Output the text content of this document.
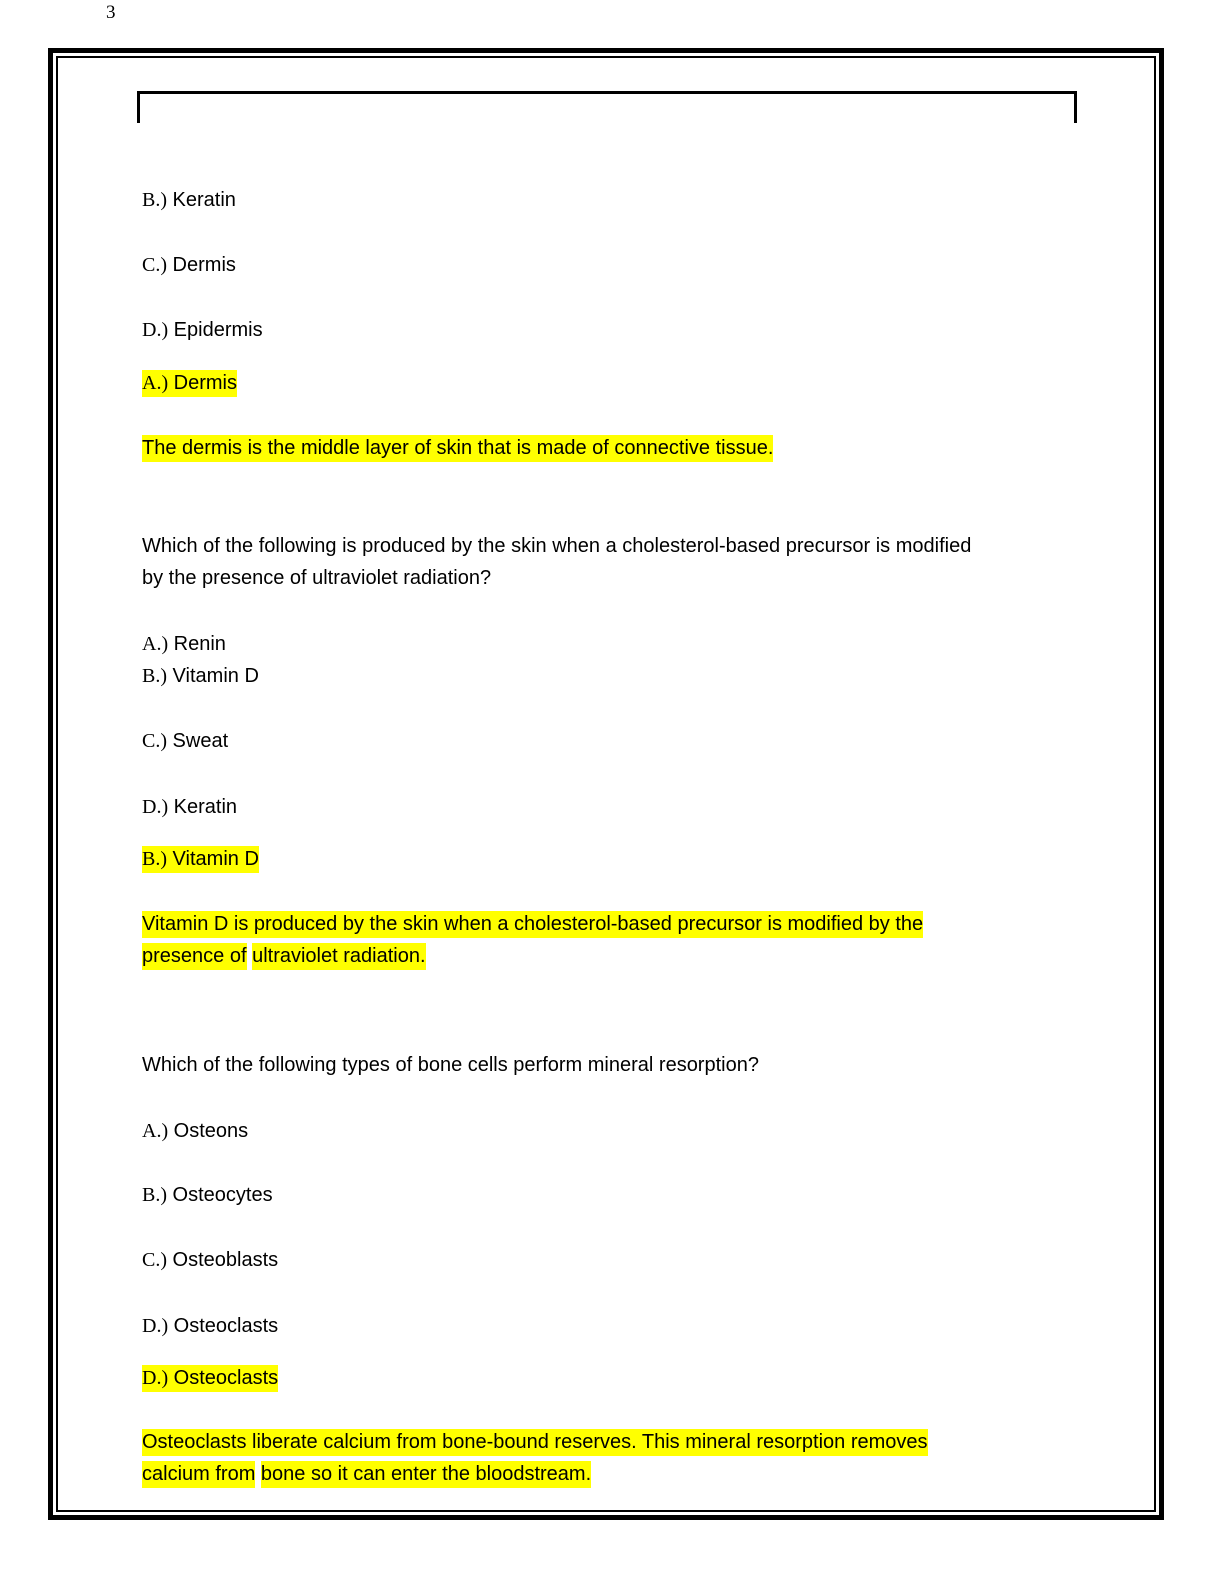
3
B.) Keratin
C.) Dermis
D.) Epidermis
A.) Dermis
The dermis is the middle layer of skin that is made of connective tissue.
Which of the following is produced by the skin when a cholesterol-based precursor is modified
by the presence of ultraviolet radiation?
A.) Renin
B.) Vitamin D
C.) Sweat
D.) Keratin
B.) Vitamin D
Vitamin D is produced by the skin when a cholesterol-based precursor is modified by the
presence of ultraviolet radiation.
Which of the following types of bone cells perform mineral resorption?
A.) Osteons
B.) Osteocytes
C.) Osteoblasts
D.) Osteoclasts
D.) Osteoclasts
Osteoclasts liberate calcium from bone-bound reserves. This mineral resorption removes
calcium from bone so it can enter the bloodstream.
